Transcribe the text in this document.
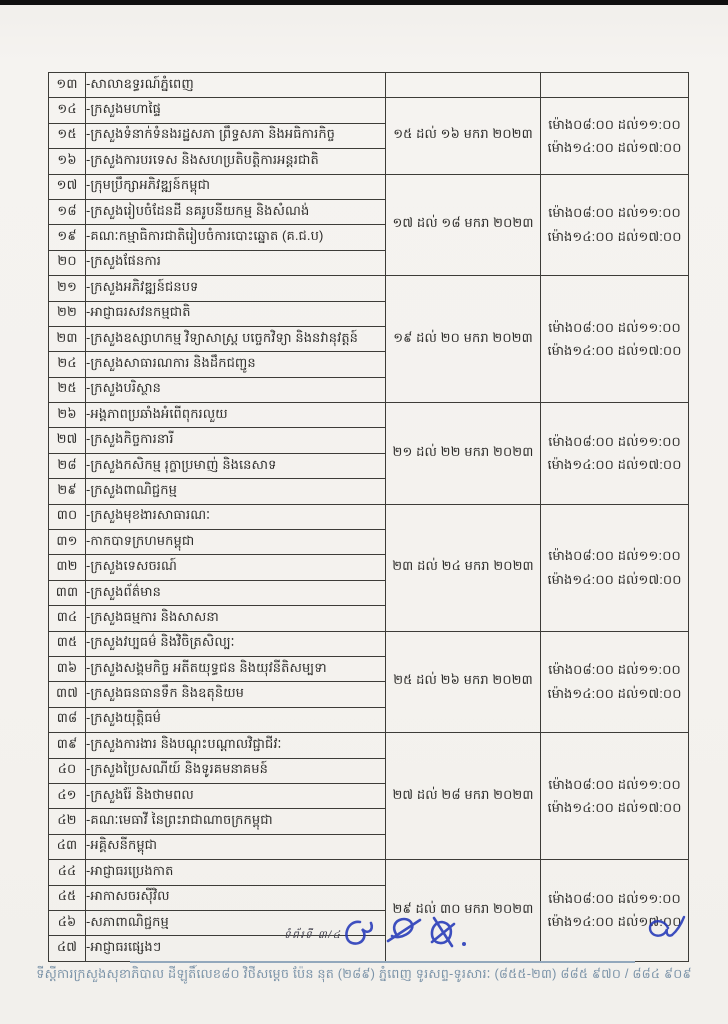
១៣	-សាលាឧទ្ធរណ៍ភ្នំពេញ		
១៤	-ក្រសួងមហាផ្ទៃ	១៥ ដល់ ១៦ មករា ២០២៣	ម៉ោង០៨:០០ ដល់១១:០០
ម៉ោង១៤:០០ ដល់១៧:០០

១៥	-ក្រសួងទំនាក់ទំនងរដ្ឋសភា ព្រឹទ្ធសភា និងអធិការកិច្ច		
១៦	-ក្រសួងការបរទេស និងសហប្រតិបត្តិការអន្តរជាតិ		
១៧	-ក្រុមប្រឹក្សាអភិវឌ្ឍន៍កម្ពុជា	១៧ ដល់ ១៨ មករា ២០២៣	ម៉ោង០៨:០០ ដល់១១:០០
ម៉ោង១៤:០០ ដល់១៧:០០

១៨	-ក្រសួងរៀបចំដែនដី នគរូបនីយកម្ម និងសំណង់		
១៩	-គណៈកម្មាធិការជាតិរៀបចំការបោះឆ្នោត (គ.ជ.ប)		
២០	-ក្រសួងផែនការ		
២១	-ក្រសួងអភិវឌ្ឍន៍ជនបទ	១៩ ដល់ ២០ មករា ២០២៣	ម៉ោង០៨:០០ ដល់១១:០០
ម៉ោង១៤:០០ ដល់១៧:០០

២២	-អាជ្ញាធរសវនកម្មជាតិ		
២៣	-ក្រសួងឧស្សាហកម្ម វិទ្យាសាស្ត្រ បច្ចេកវិទ្យា និងនវានុវត្តន៍		
២៤	-ក្រសួងសាធារណការ និងដឹកជញ្ជូន		
២៥	-ក្រសួងបរិស្ថាន		
២៦	-អង្គភាពប្រឆាំងអំពើពុករលួយ	២១ ដល់ ២២ មករា ២០២៣	ម៉ោង០៨:០០ ដល់១១:០០
ម៉ោង១៤:០០ ដល់១៧:០០

២៧	-ក្រសួងកិច្ចការនារី		
២៨	-ក្រសួងកសិកម្ម រុក្ខាប្រមាញ់ និងនេសាទ		
២៩	-ក្រសួងពាណិជ្ជកម្ម		
៣០	-ក្រសួងមុខងារសាធារណៈ	២៣ ដល់ ២៤ មករា ២០២៣	ម៉ោង០៨:០០ ដល់១១:០០
ម៉ោង១៤:០០ ដល់១៧:០០

៣១	-កាកបាទក្រហមកម្ពុជា		
៣២	-ក្រសួងទេសចរណ៍		
៣៣	-ក្រសួងព័ត៌មាន		
៣៤	-ក្រសួងធម្មការ និងសាសនា		
៣៥	-ក្រសួងវប្បធម៌ និងវិចិត្រសិល្បៈ	២៥ ដល់ ២៦ មករា ២០២៣	ម៉ោង០៨:០០ ដល់១១:០០
ម៉ោង១៤:០០ ដល់១៧:០០

៣៦	-ក្រសួងសង្គមកិច្ច អតីតយុទ្ធជន និងយុវនីតិសម្បទា		
៣៧	-ក្រសួងធនធានទឹក និងឧតុនិយម		
៣៨	-ក្រសួងយុត្តិធម៌		
៣៩	-ក្រសួងការងារ និងបណ្តុះបណ្តាលវិជ្ជាជីវៈ	២៧ ដល់ ២៨ មករា ២០២៣	ម៉ោង០៨:០០ ដល់១១:០០
ម៉ោង១៤:០០ ដល់១៧:០០

៤០	-ក្រសួងប្រៃសណីយ៍ និងទូរគមនាគមន៍		
៤១	-ក្រសួងរ៉ែ និងថាមពល		
៤២	-គណៈមេធាវី នៃព្រះរាជាណាចក្រកម្ពុជា		
៤៣	-អគ្គិសនីកម្ពុជា		
៤៤	-អាជ្ញាធរប្រេងកាត	២៩ ដល់ ៣០ មករា ២០២៣	ម៉ោង០៨:០០ ដល់១១:០០
ម៉ោង១៤:០០ ដល់១៧:០០

៤៥	-អាកាសចរស៊ីវិល		
៤៦	-សភាពាណិជ្ជកម្ម		
៤៧	-អាជ្ញាធរផ្សេងៗ		
ទំព័រទី ៣/៤
ទីស្តីការក្រសួងសុខាភិបាល ដីឡូតិ៍លេខ៨០ វិថីសម្តេច ប៉ែន នុត (២៨៩) ភ្នំពេញ ទូរសព្ទ-ទូរសារៈ (៨៥៥-២៣) ៨៨៥ ៩៧០ / ៨៨៤ ៩០៩
